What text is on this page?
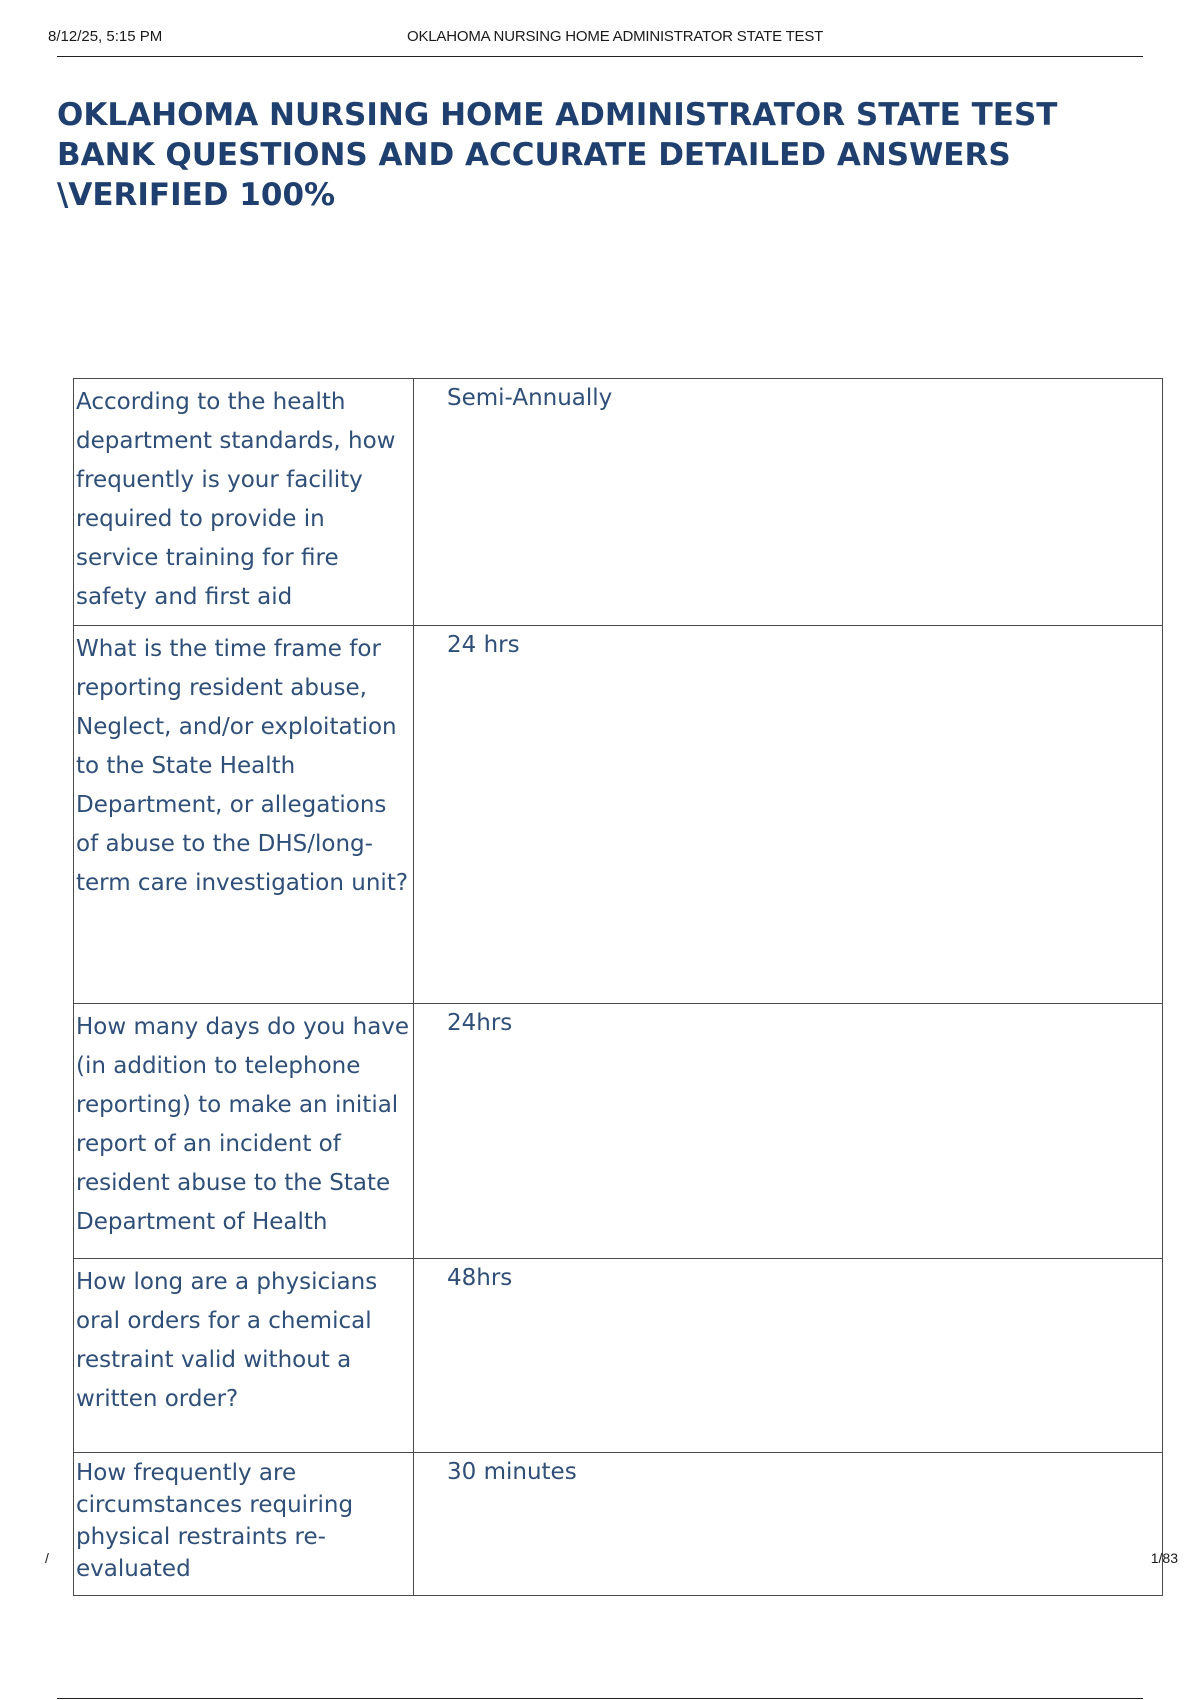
8/12/25, 5:15 PM	OKLAHOMA NURSING HOME ADMINISTRATOR STATE TEST
OKLAHOMA NURSING HOME ADMINISTRATOR STATE TEST BANK QUESTIONS AND ACCURATE DETAILED ANSWERS \VERIFIED 100%
According to the health department standards, how frequently is your facility required to provide in service training for fire safety and first aid	Semi-Annually
What is the time frame for reporting resident abuse, Neglect, and/or exploitation to the State Health Department, or allegations of abuse to the DHS/long-term care investigation unit?	24 hrs
How many days do you have (in addition to telephone reporting) to make an initial report of an incident of resident abuse to the State Department of Health	24hrs
How long are a physicians oral orders for a chemical restraint valid without a written order?	48hrs
How frequently are circumstances requiring physical restraints re-evaluated	30 minutes
/	1/83
